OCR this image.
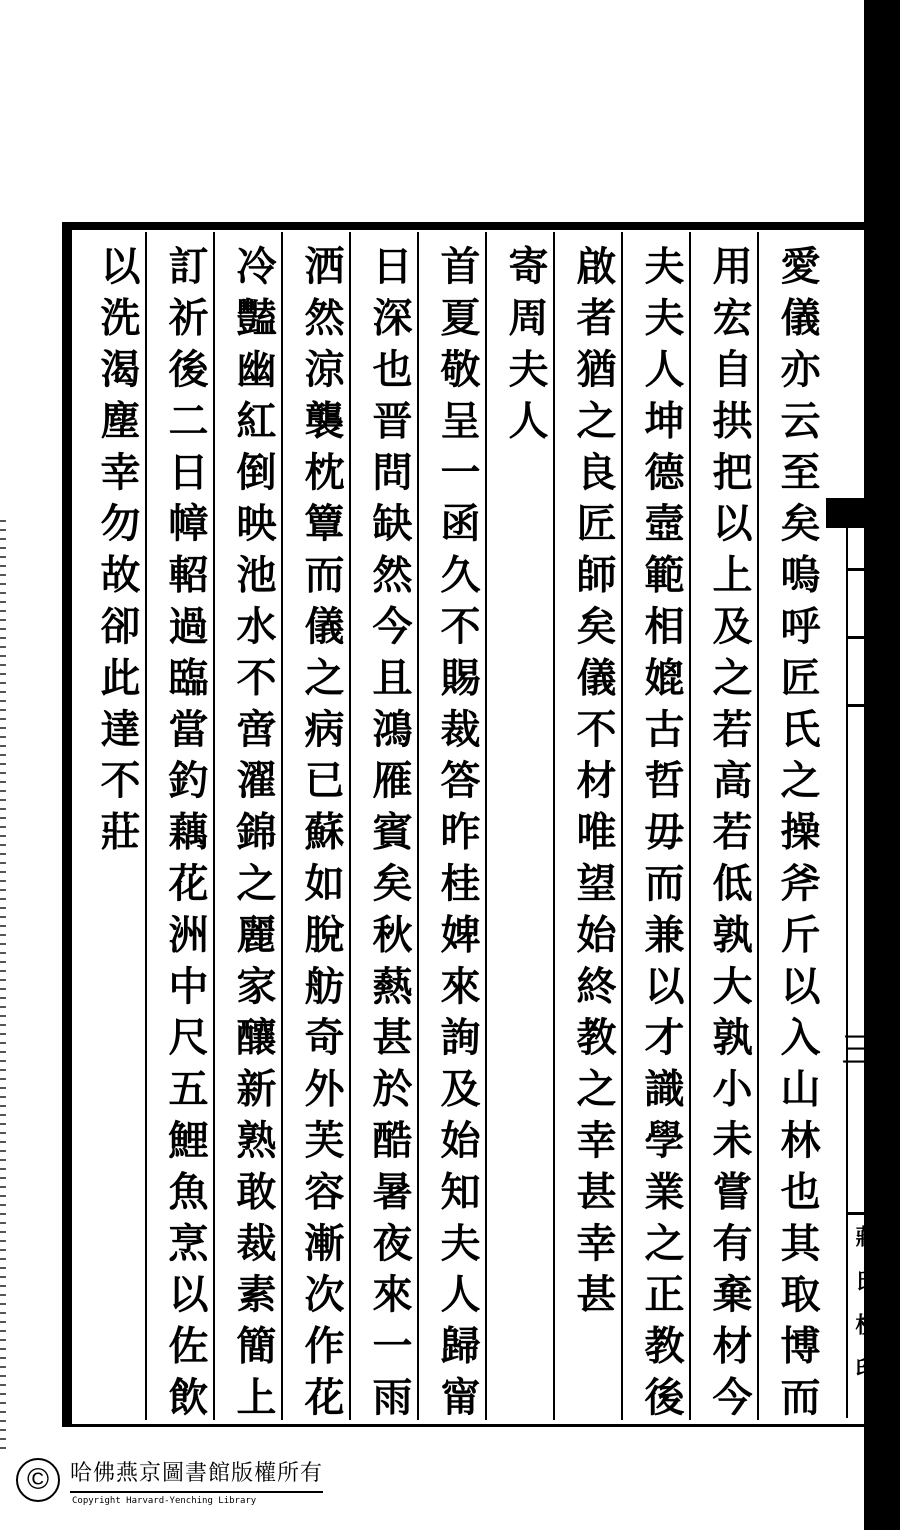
三
愛儀亦云至矣嗚呼匠氏之操斧斤以入山林也其取博而
用宏自拱把以上及之若高若低孰大孰小未嘗有棄材今
夫夫人坤德壼範相媲古哲毋而兼以才識學業之正教後
啟者猶之良匠師矣儀不材唯望始終教之幸甚幸甚
寄周夫人
首夏敬呈一函久不賜裁答昨桂婢來詢及始知夫人歸甯
日深也晋問缺然今且鴻雁賓矣秋爇甚於酷暑夜來一雨
洒然涼襲枕簟而儀之病已蘇如脫舫奇外芙容漸次作花
冷豔幽紅倒映池水不啻濯錦之麗家釀新熟敢裁素簡上
訂祈後二日幛軺過臨當釣藕花洲中尺五鯉魚烹以佐飲
以洗渴塵幸勿故卻此達不莊
蔣氏校印
© 哈佛燕京圖書館版權所有
Copyright Harvard-Yenching Library
